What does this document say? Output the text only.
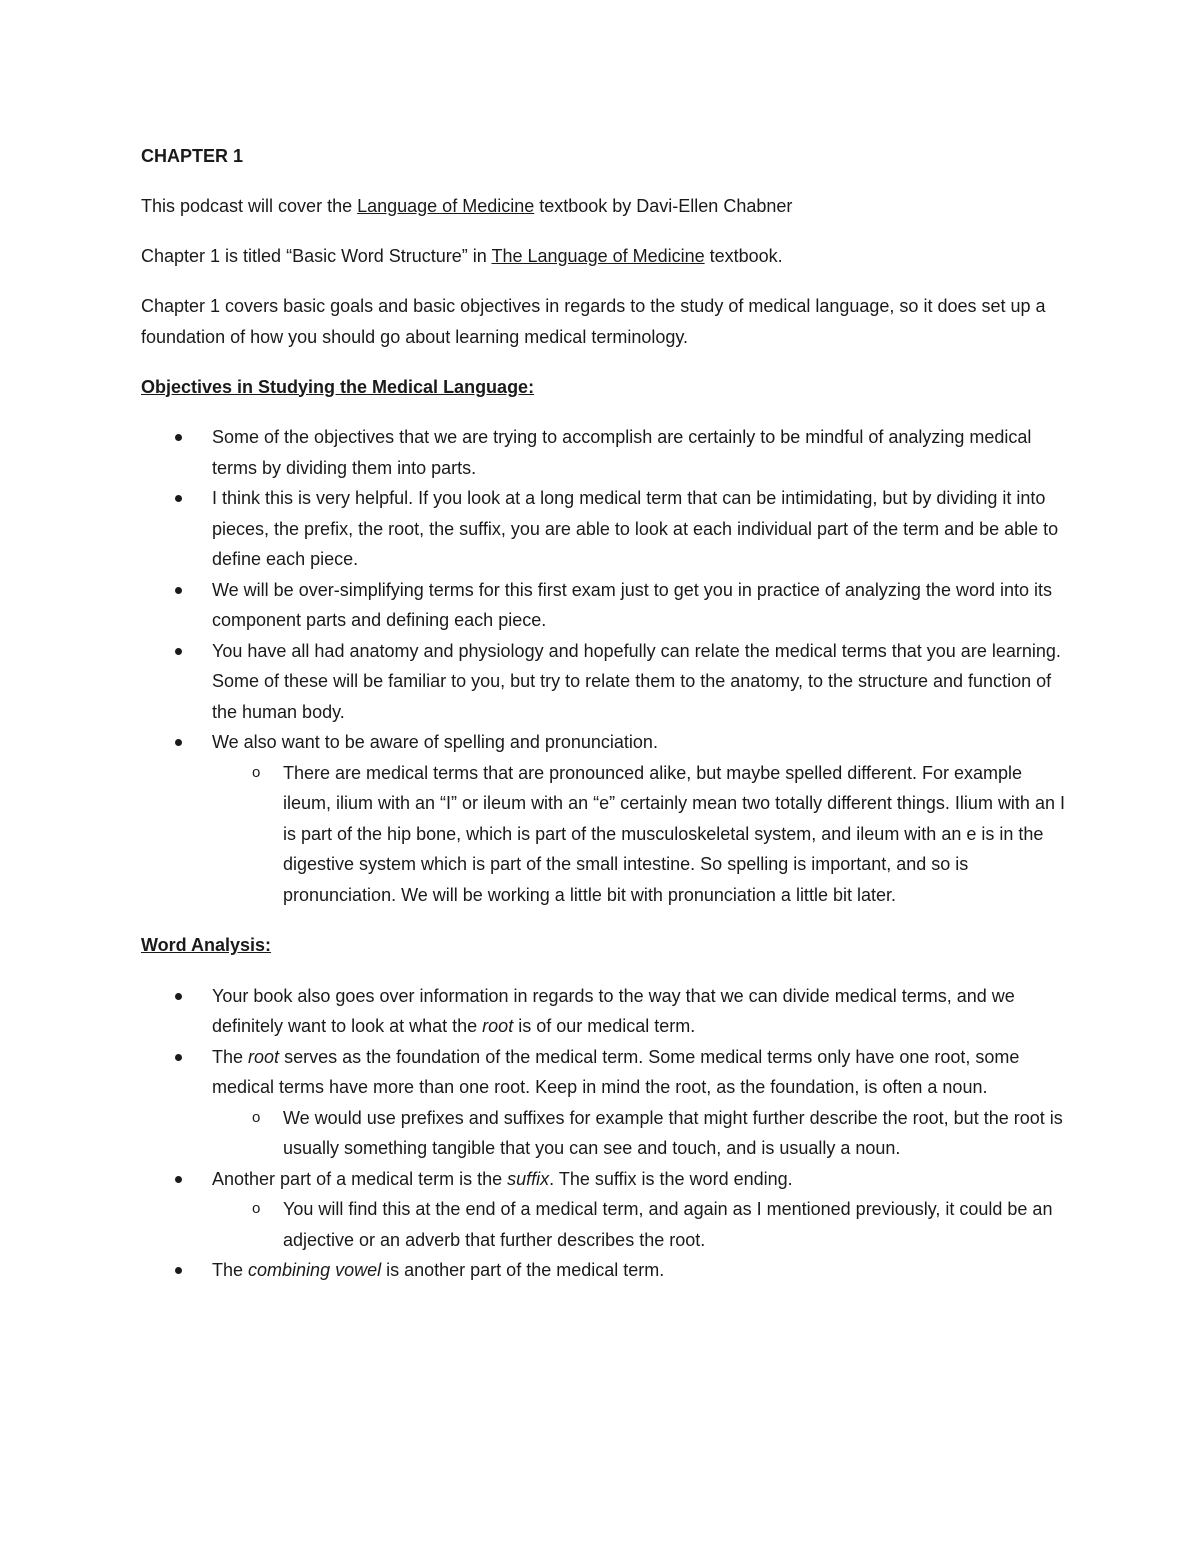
CHAPTER 1

This podcast will cover the Language of Medicine textbook by Davi-Ellen Chabner

Chapter 1 is titled “Basic Word Structure” in The Language of Medicine textbook.

Chapter 1 covers basic goals and basic objectives in regards to the study of medical language, so it does set up a foundation of how you should go about learning medical terminology.

Objectives in Studying the Medical Language:

Some of the objectives that we are trying to accomplish are certainly to be mindful of analyzing medical terms by dividing them into parts.
I think this is very helpful. If you look at a long medical term that can be intimidating, but by dividing it into pieces, the prefix, the root, the suffix, you are able to look at each individual part of the term and be able to define each piece.
We will be over-simplifying terms for this first exam just to get you in practice of analyzing the word into its component parts and defining each piece.
You have all had anatomy and physiology and hopefully can relate the medical terms that you are learning. Some of these will be familiar to you, but try to relate them to the anatomy, to the structure and function of the human body.
We also want to be aware of spelling and pronunciation.
o There are medical terms that are pronounced alike, but maybe spelled different. For example ileum, ilium with an “I” or ileum with an “e” certainly mean two totally different things. Ilium with an I is part of the hip bone, which is part of the musculoskeletal system, and ileum with an e is in the digestive system which is part of the small intestine. So spelling is important, and so is pronunciation. We will be working a little bit with pronunciation a little bit later.

Word Analysis:

Your book also goes over information in regards to the way that we can divide medical terms, and we definitely want to look at what the root is of our medical term.
The root serves as the foundation of the medical term. Some medical terms only have one root, some medical terms have more than one root. Keep in mind the root, as the foundation, is often a noun.
o We would use prefixes and suffixes for example that might further describe the root, but the root is usually something tangible that you can see and touch, and is usually a noun.
Another part of a medical term is the suffix. The suffix is the word ending.
o You will find this at the end of a medical term, and again as I mentioned previously, it could be an adjective or an adverb that further describes the root.
The combining vowel is another part of the medical term.
